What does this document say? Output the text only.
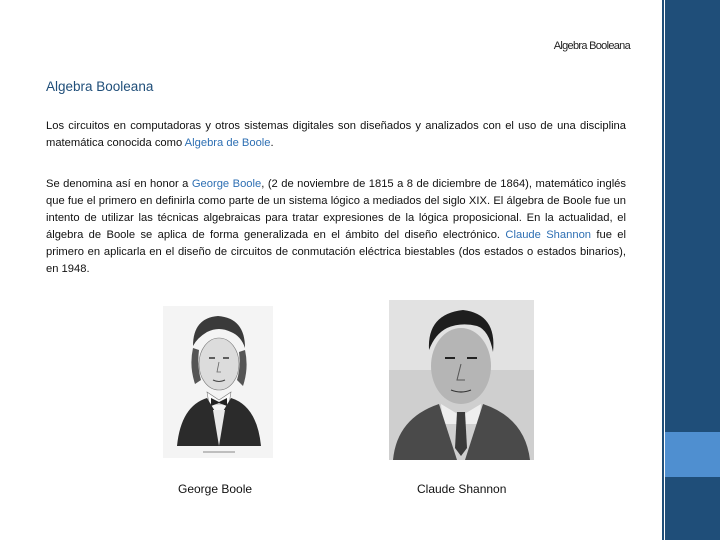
Algebra Booleana
Algebra Booleana
Los circuitos en computadoras y otros sistemas digitales son diseñados y analizados con el uso de una disciplina matemática conocida como Algebra de Boole.
Se denomina así en honor a George Boole, (2 de noviembre de 1815 a 8 de diciembre de 1864), matemático inglés que fue el primero en definirla como parte de un sistema lógico a mediados del siglo XIX. El álgebra de Boole fue un intento de utilizar las técnicas algebraicas para tratar expresiones de la lógica proposicional. En la actualidad, el álgebra de Boole se aplica de forma generalizada en el ámbito del diseño electrónico. Claude Shannon fue el primero en aplicarla en el diseño de circuitos de conmutación eléctrica biestables (dos estados o estados binarios), en 1948.
George Boole	Claude Shannon
